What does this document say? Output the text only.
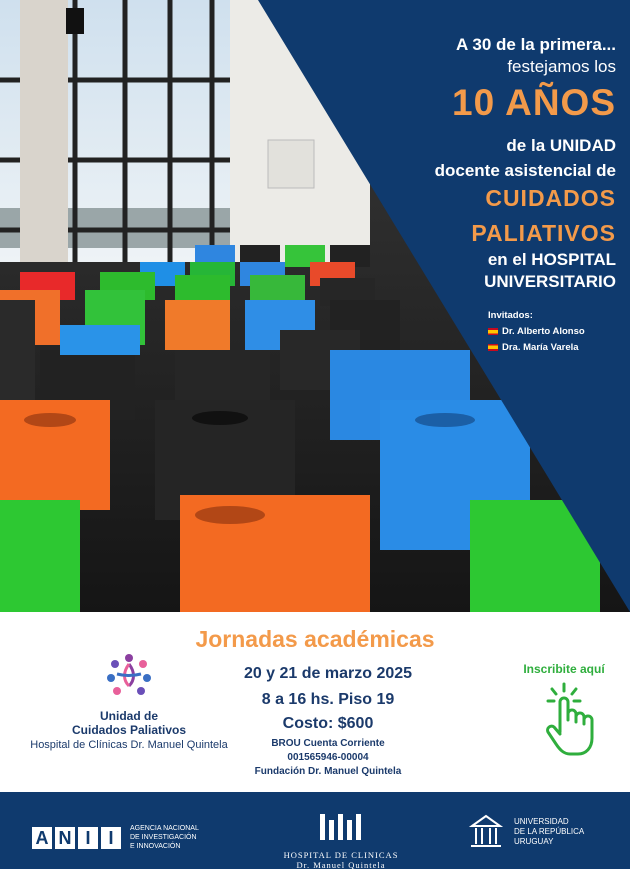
A 30 de la primera...
festejamos los
10 AÑOS
de la UNIDAD
docente asistencial de
CUIDADOS
PALIATIVOS
en el HOSPITAL
UNIVERSITARIO
Invitados:
Dr. Alberto Alonso
Dra. María Varela
Jornadas académicas
Unidad de
Cuidados Paliativos
Hospital de Clínicas Dr. Manuel Quintela
20 y 21 de marzo 2025
8 a 16 hs. Piso 19
Costo: $600
BROU Cuenta Corriente
001565946-00004
Fundación Dr. Manuel Quintela
Inscribite aquí
A N I I	AGENCIA NACIONAL
DE INVESTIGACIÓN
E INNOVACIÓN
HOSPITAL DE CLINICAS
Dr. Manuel Quintela
UNIVERSIDAD
DE LA REPÚBLICA
URUGUAY
